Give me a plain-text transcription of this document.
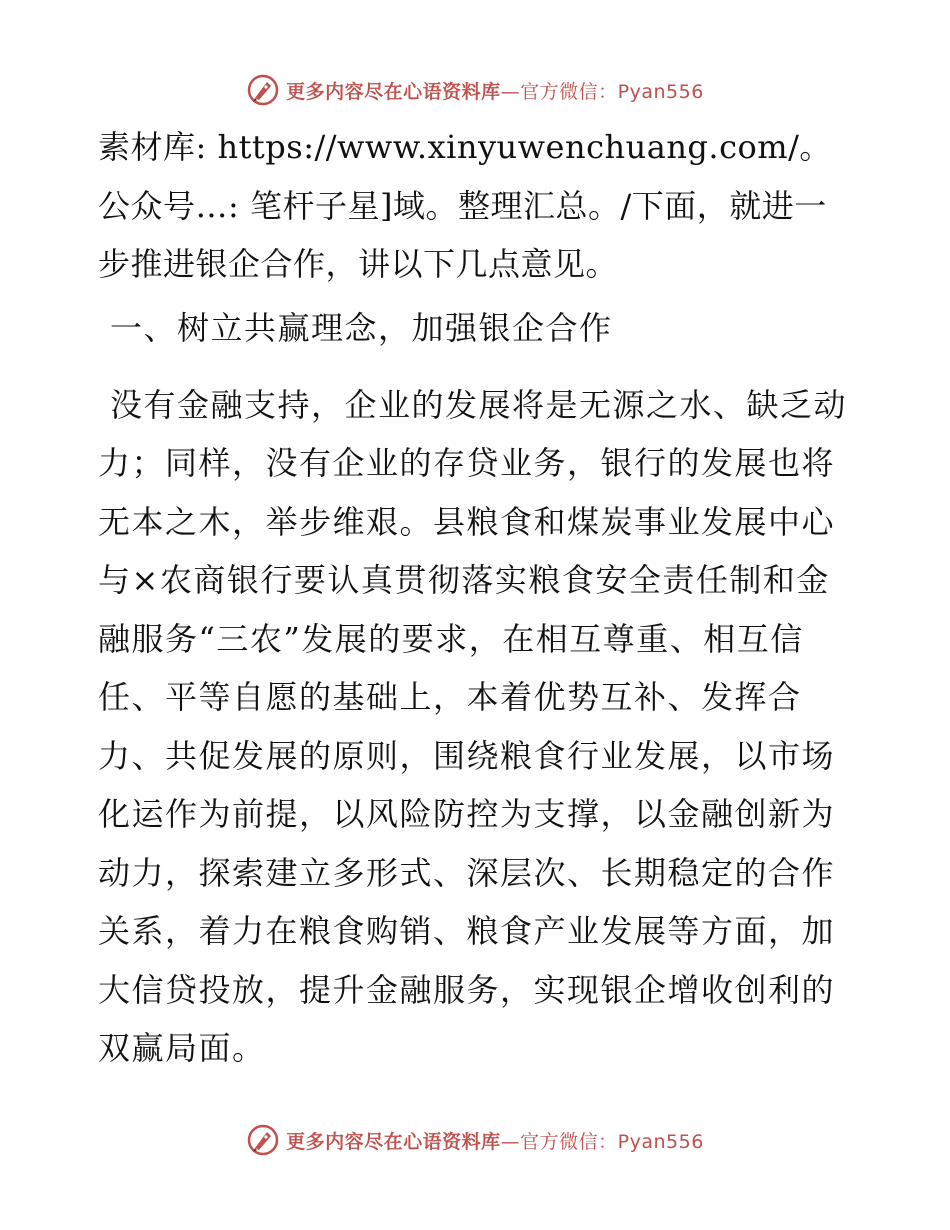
更多内容尽在心语资料库—官方微信：Pyan556

素材库: https://www.xinyuwenchuang.com/。公众号…: 笔杆子星]域。整理汇总。/下面，就进一步推进银企合作，讲以下几点意见。

一、树立共赢理念，加强银企合作

没有金融支持，企业的发展将是无源之水、缺乏动力；同样，没有企业的存贷业务，银行的发展也将无本之木，举步维艰。县粮食和煤炭事业发展中心与×农商银行要认真贯彻落实粮食安全责任制和金融服务“三农”发展的要求，在相互尊重、相互信任、平等自愿的基础上，本着优势互补、发挥合力、共促发展的原则，围绕粮食行业发展，以市场化运作为前提，以风险防控为支撑，以金融创新为动力，探索建立多形式、深层次、长期稳定的合作关系，着力在粮食购销、粮食产业发展等方面，加大信贷投放，提升金融服务，实现银企增收创利的双赢局面。

更多内容尽在心语资料库—官方微信：Pyan556
